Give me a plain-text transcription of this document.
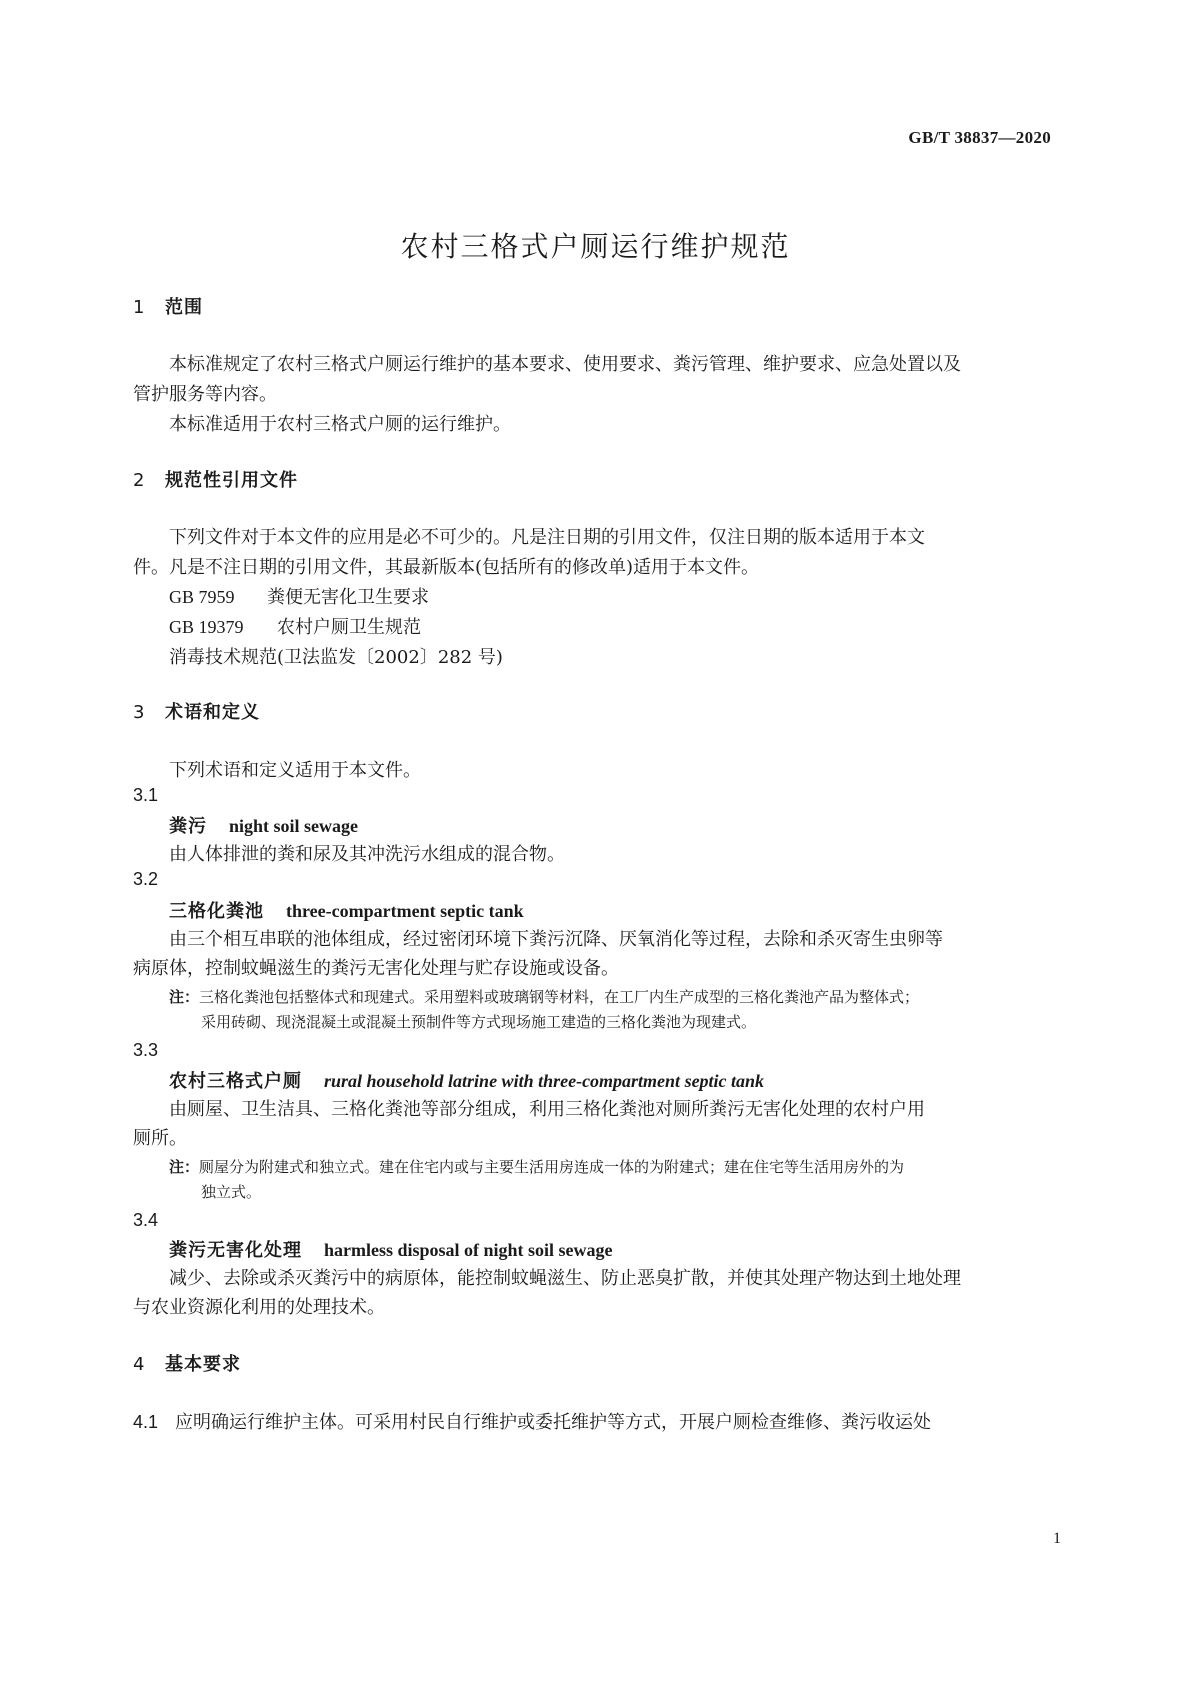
GB/T 38837—2020
农村三格式户厕运行维护规范
1 范围
本标准规定了农村三格式户厕运行维护的基本要求、使用要求、粪污管理、维护要求、应急处置以及
管护服务等内容。
本标准适用于农村三格式户厕的运行维护。
2 规范性引用文件
下列文件对于本文件的应用是必不可少的。凡是注日期的引用文件，仅注日期的版本适用于本文
件。凡是不注日期的引用文件，其最新版本(包括所有的修改单)适用于本文件。
GB 7959 粪便无害化卫生要求
GB 19379 农村户厕卫生规范
消毒技术规范(卫法监发〔2002〕282 号)
3 术语和定义
下列术语和定义适用于本文件。
3.1
粪污 night soil sewage
由人体排泄的粪和尿及其冲洗污水组成的混合物。
3.2
三格化粪池 three-compartment septic tank
由三个相互串联的池体组成，经过密闭环境下粪污沉降、厌氧消化等过程，去除和杀灭寄生虫卵等
病原体，控制蚊蝇滋生的粪污无害化处理与贮存设施或设备。
注：三格化粪池包括整体式和现建式。采用塑料或玻璃钢等材料，在工厂内生产成型的三格化粪池产品为整体式；
采用砖砌、现浇混凝土或混凝土预制件等方式现场施工建造的三格化粪池为现建式。
3.3
农村三格式户厕 rural household latrine with three-compartment septic tank
由厕屋、卫生洁具、三格化粪池等部分组成，利用三格化粪池对厕所粪污无害化处理的农村户用
厕所。
注：厕屋分为附建式和独立式。建在住宅内或与主要生活用房连成一体的为附建式；建在住宅等生活用房外的为
独立式。
3.4
粪污无害化处理 harmless disposal of night soil sewage
减少、去除或杀灭粪污中的病原体，能控制蚊蝇滋生、防止恶臭扩散，并使其处理产物达到土地处理
与农业资源化利用的处理技术。
4 基本要求
4.1 应明确运行维护主体。可采用村民自行维护或委托维护等方式，开展户厕检查维修、粪污收运处
1
